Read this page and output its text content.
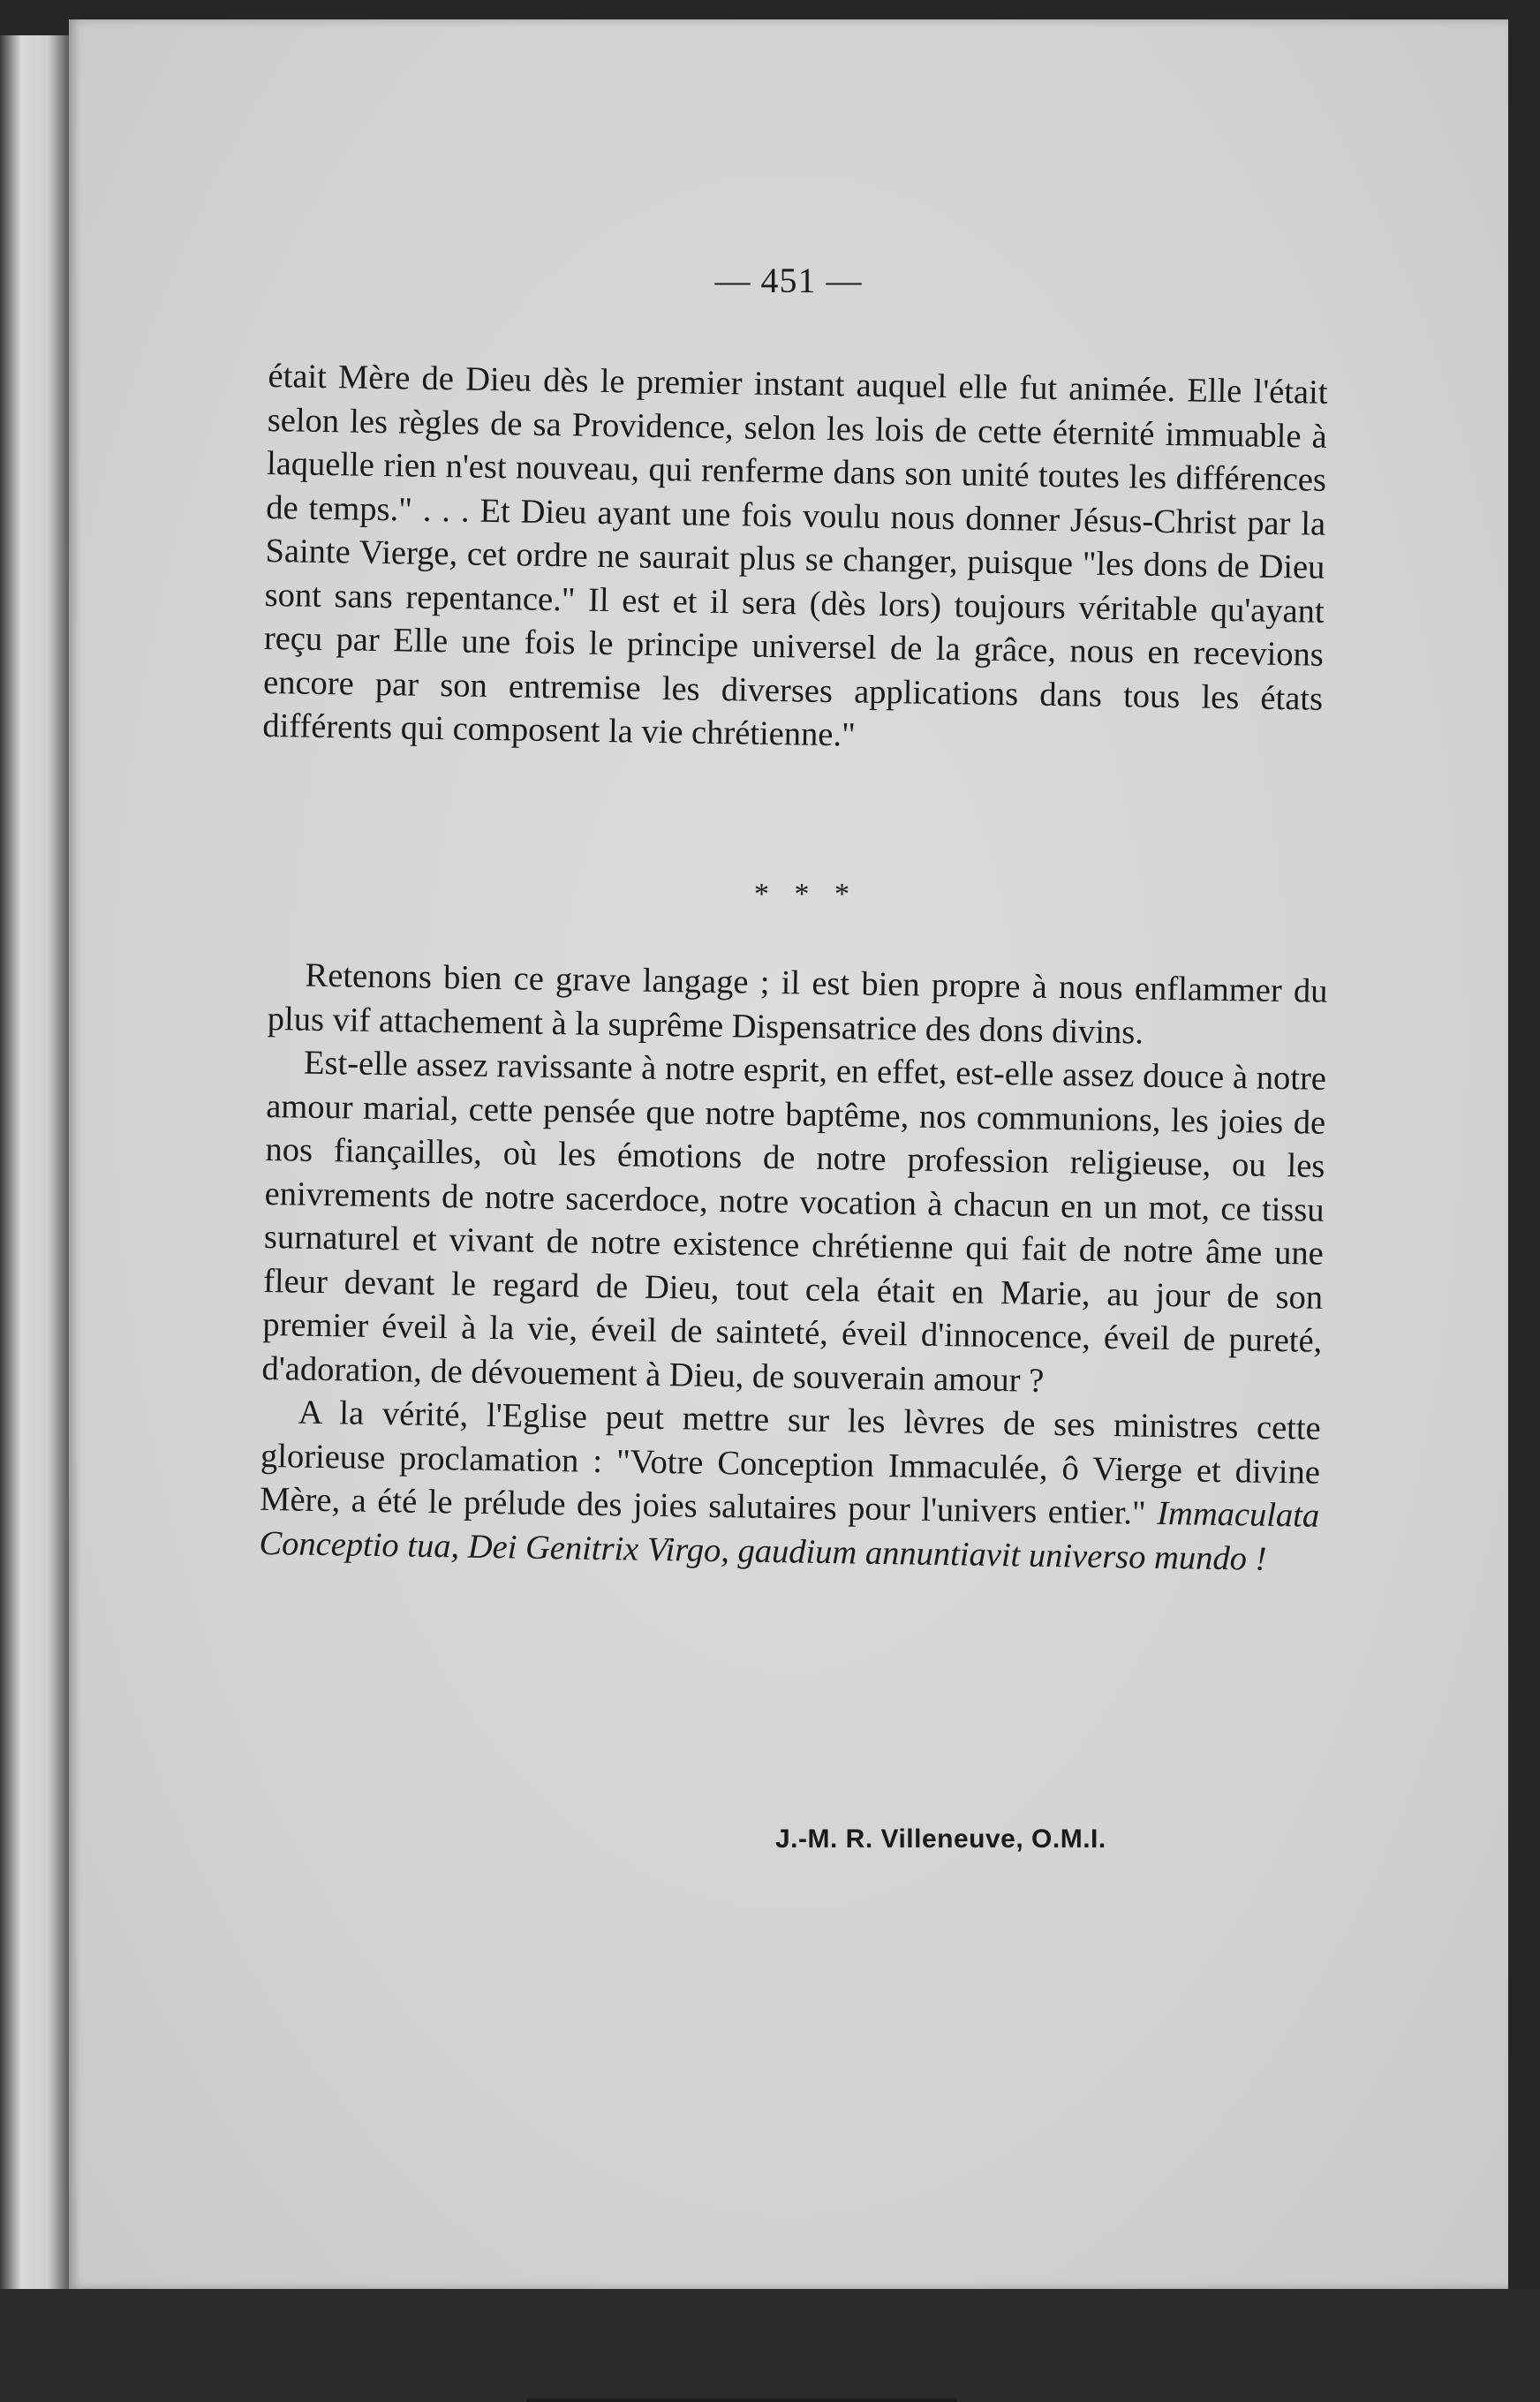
— 451 —

était Mère de Dieu dès le premier instant auquel elle fut animée. Elle l'était selon les règles de sa Providence, selon les lois de cette éternité immuable à laquelle rien n'est nouveau, qui renferme dans son unité toutes les différences de temps." . . . Et Dieu ayant une fois voulu nous donner Jésus-Christ par la Sainte Vierge, cet ordre ne saurait plus se changer, puisque "les dons de Dieu sont sans repentance." Il est et il sera (dès lors) toujours véritable qu'ayant reçu par Elle une fois le principe universel de la grâce, nous en recevions encore par son entremise les diverses applications dans tous les états différents qui composent la vie chrétienne."

* * *

Retenons bien ce grave langage ; il est bien propre à nous enflammer du plus vif attachement à la suprême Dispensatrice des dons divins.

Est-elle assez ravissante à notre esprit, en effet, est-elle assez douce à notre amour marial, cette pensée que notre baptême, nos communions, les joies de nos fiançailles, où les émotions de notre profession religieuse, ou les enivrements de notre sacerdoce, notre vocation à chacun en un mot, ce tissu surnaturel et vivant de notre existence chrétienne qui fait de notre âme une fleur devant le regard de Dieu, tout cela était en Marie, au jour de son premier éveil à la vie, éveil de sainteté, éveil d'innocence, éveil de pureté, d'adoration, de dévouement à Dieu, de souverain amour ?

A la vérité, l'Eglise peut mettre sur les lèvres de ses ministres cette glorieuse proclamation : "Votre Conception Immaculée, ô Vierge et divine Mère, a été le prélude des joies salutaires pour l'univers entier." Immaculata Conceptio tua, Dei Genitrix Virgo, gaudium annuntiavit universo mundo !

J.-M. R. Villeneuve, O.M.I.
